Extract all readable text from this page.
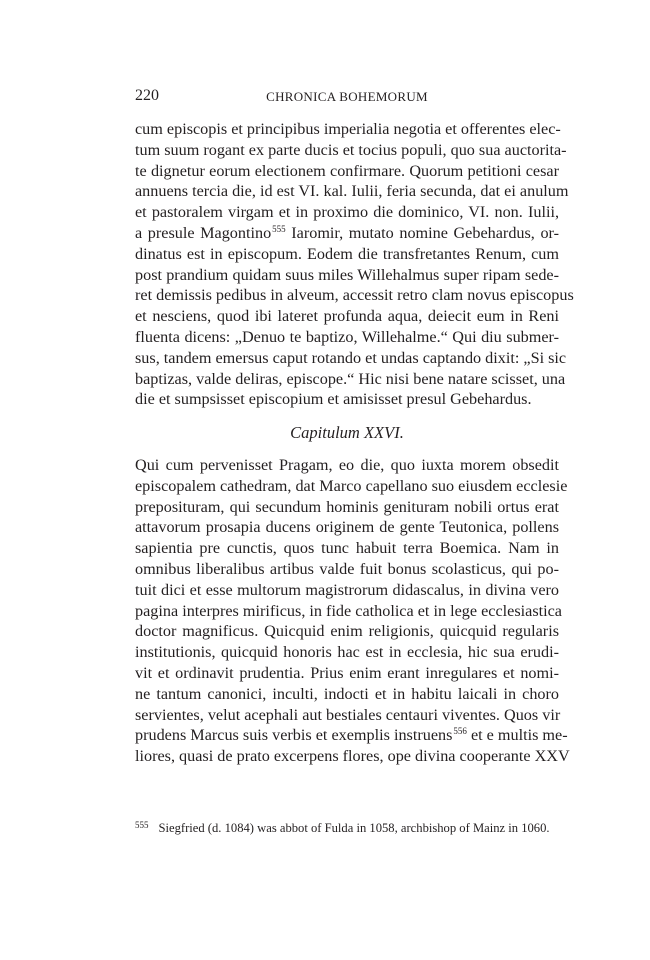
220	CHRONICA BOHEMORUM
cum episcopis et principibus imperialia negotia et offerentes elec-
tum suum rogant ex parte ducis et tocius populi, quo sua auctorita-
te dignetur eorum electionem confirmare. Quorum petitioni cesar
annuens tercia die, id est VI. kal. Iulii, feria secunda, dat ei anulum
et pastoralem virgam et in proximo die dominico, VI. non. Iulii,
a presule Magontino$^{555}$ Iaromir, mutato nomine Gebehardus, or-
dinatus est in episcopum. Eodem die transfretantes Renum, cum
post prandium quidam suus miles Willehalmus super ripam sede-
ret demissis pedibus in alveum, accessit retro clam novus episcopus
et nesciens, quod ibi lateret profunda aqua, deiecit eum in Reni
fluenta dicens: „Denuo te baptizo, Willehalme.“ Qui diu submer-
sus, tandem emersus caput rotando et undas captando dixit: „Si sic
baptizas, valde deliras, episcope.“ Hic nisi bene natare scisset, una
die et sumpsisset episcopium et amisisset presul Gebehardus.
Capitulum XXVI.
Qui cum pervenisset Pragam, eo die, quo iuxta morem obsedit
episcopalem cathedram, dat Marco capellano suo eiusdem ecclesie
preposituram, qui secundum hominis genituram nobili ortus erat
attavorum prosapia ducens originem de gente Teutonica, pollens
sapientia pre cunctis, quos tunc habuit terra Boemica. Nam in
omnibus liberalibus artibus valde fuit bonus scolasticus, qui po-
tuit dici et esse multorum magistrorum didascalus, in divina vero
pagina interpres mirificus, in fide catholica et in lege ecclesiastica
doctor magnificus. Quicquid enim religionis, quicquid regularis
institutionis, quicquid honoris hac est in ecclesia, hic sua erudi-
vit et ordinavit prudentia. Prius enim erant inregulares et nomi-
ne tantum canonici, inculti, indocti et in habitu laicali in choro
servientes, velut acephali aut bestiales centauri viventes. Quos vir
prudens Marcus suis verbis et exemplis instruens$^{556}$ et e multis me-
liores, quasi de prato excerpens flores, ope divina cooperante XXV
$^{555}$ Siegfried (d. 1084) was abbot of Fulda in 1058, archbishop of Mainz in 1060.
